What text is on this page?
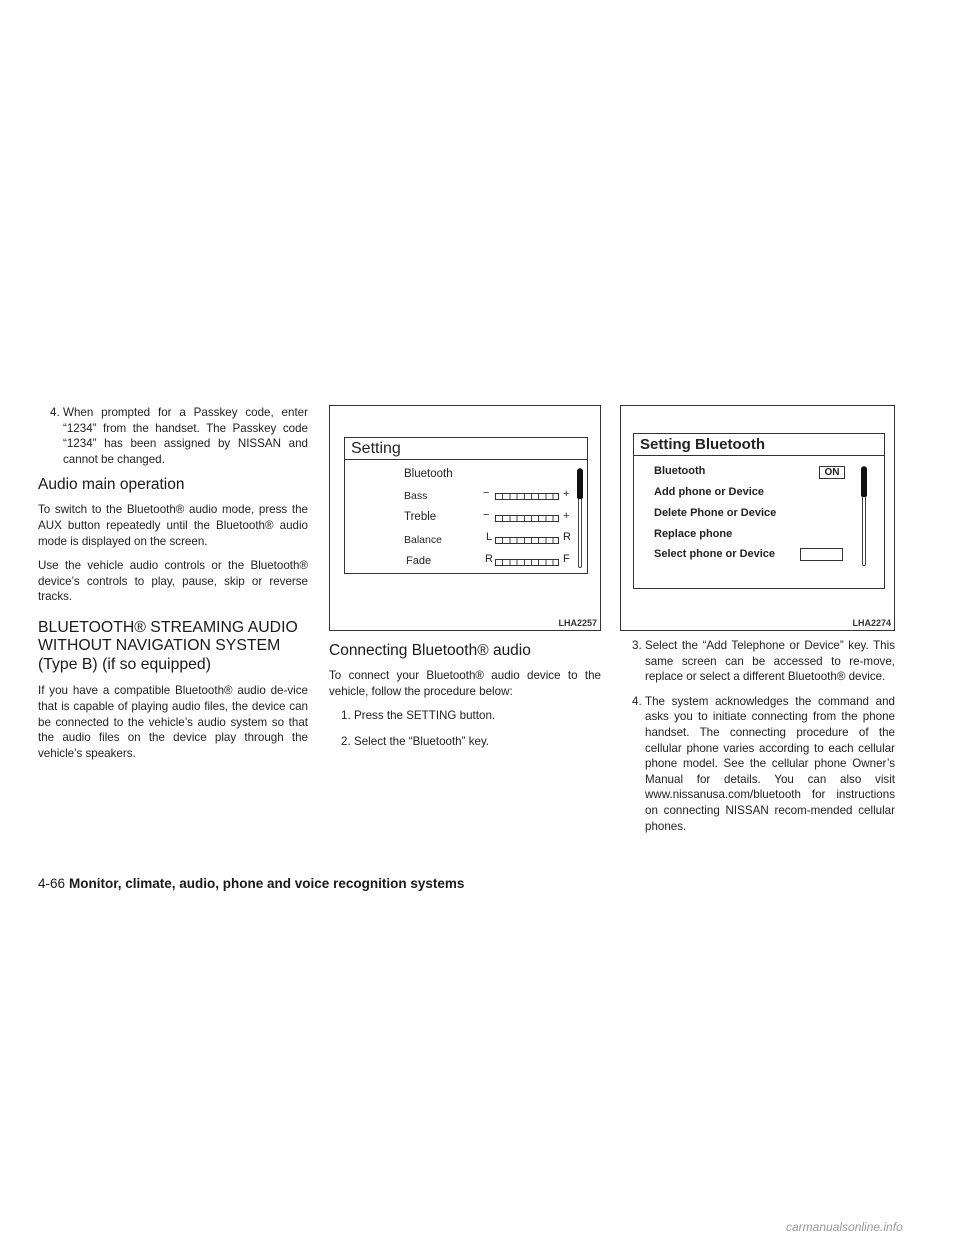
4. When prompted for a Passkey code, enter “1234” from the handset. The Passkey code “1234” has been assigned by NISSAN and cannot be changed.
Audio main operation

To switch to the Bluetooth® audio mode, press the AUX button repeatedly until the Bluetooth® audio mode is displayed on the screen.

Use the vehicle audio controls or the Bluetooth® device’s controls to play, pause, skip or reverse tracks.

BLUETOOTH® STREAMING AUDIO
WITHOUT NAVIGATION SYSTEM
(Type B) (if so equipped)

If you have a compatible Bluetooth® audio de-vice that is capable of playing audio files, the device can be connected to the vehicle’s audio system so that the audio files on the device play through the vehicle’s speakers.

Setting
Bluetooth
Bass
Treble
Balance
Fade
−	+
−	+
L	R
R	F
LHA2257
Connecting Bluetooth® audio

To connect your Bluetooth® audio device to the vehicle, follow the procedure below:

1. Press the SETTING button.
2. Select the “Bluetooth” key.
Setting Bluetooth
Bluetooth	ON
Add phone or Device
Delete Phone or Device
Replace phone
Select phone or Device
LHA2274
3. Select the “Add Telephone or Device” key. This same screen can be accessed to re-move, replace or select a different Bluetooth® device.
4. The system acknowledges the command and asks you to initiate connecting from the phone handset. The connecting procedure of the cellular phone varies according to each cellular phone model. See the cellular phone Owner’s Manual for details. You can also visit www.nissanusa.com/bluetooth for instructions on connecting NISSAN recom-mended cellular phones.
4-66 Monitor, climate, audio, phone and voice recognition systems
carmanualsonline.info
